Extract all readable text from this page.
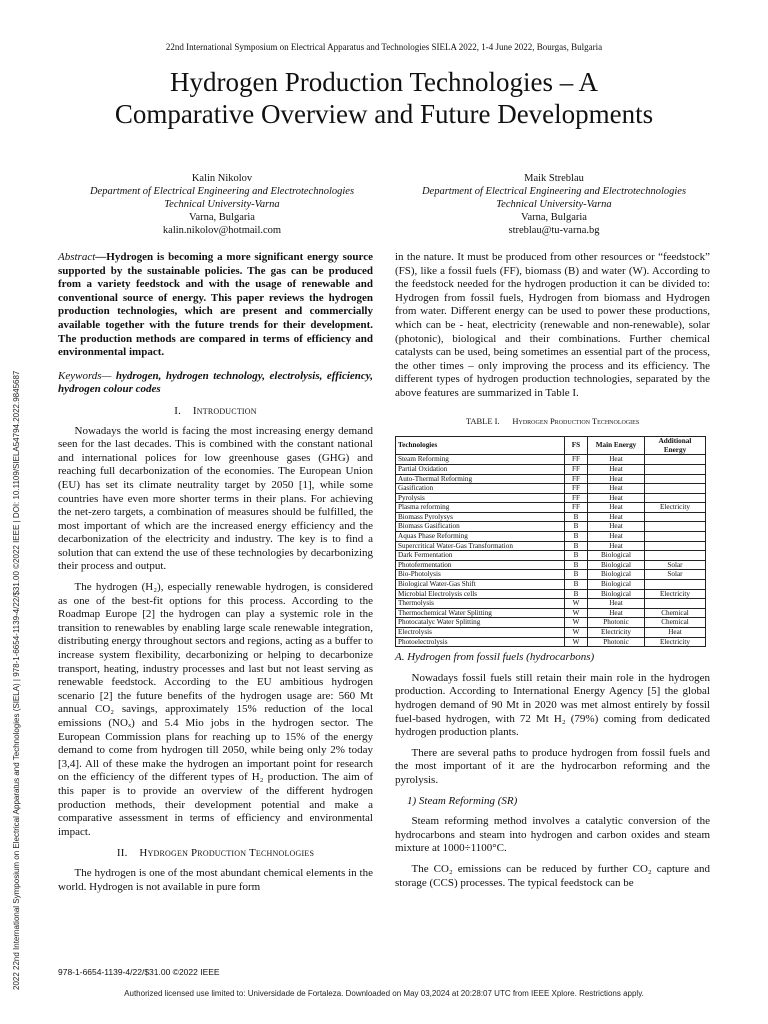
22nd International Symposium on Electrical Apparatus and Technologies SIELA 2022, 1-4 June 2022, Bourgas, Bulgaria
Hydrogen Production Technologies – A
Comparative Overview and Future Developments
Kalin Nikolov
Department of Electrical Engineering and Electrotechnologies
Technical University-Varna
Varna, Bulgaria
kalin.nikolov@hotmail.com
Maik Streblau
Department of Electrical Engineering and Electrotechnologies
Technical University-Varna
Varna, Bulgaria
streblau@tu-varna.bg
2022 22nd International Symposium on Electrical Apparatus and Technologies (SIELA) | 978-1-6654-1139-4/22/$31.00 ©2022 IEEE | DOI: 10.1109/SIELA54794.2022.9845687

Abstract—Hydrogen is becoming a more significant energy source supported by the sustainable policies. The gas can be produced from a variety feedstock and with the usage of renewable and conventional source of energy. This paper reviews the hydrogen production technologies, which are present and commercially available together with the future trends for their development. The production methods are compared in terms of efficiency and environmental impact.

Keywords— hydrogen, hydrogen technology, electrolysis, efficiency, hydrogen colour codes

I. Introduction

Nowadays the world is facing the most increasing energy demand seen for the last decades. This is combined with the constant national and international polices for low greenhouse gases (GHG) and reaching full decarbonization of the economies. The European Union (EU) has set its climate neutrality target by 2050 [1], while some countries have even more shorter terms in their plans. For achieving the net-zero targets, a combination of measures should be fulfilled, the most important of which are the increased energy efficiency and the decarbonization of the electricity and industry. The key is to find a solution that can extend the use of these technologies by decarbonizing their process and output.

The hydrogen (H₂), especially renewable hydrogen, is considered as one of the best-fit options for this process. According to the Roadmap Europe [2] the hydrogen can play a systemic role in the transition to renewables by enabling large scale renewable integration, distributing energy throughout sectors and regions, acting as a buffer to increase system flexibility, decarbonizing or helping to decarbonize transport, heating, industry processes and last but not least serving as renewable feedstock. According to the EU ambitious hydrogen scenario [2] the future benefits of the hydrogen usage are: 560 Mt annual CO₂ savings, approximately 15% reduction of the local emissions (NOₓ) and 5.4 Mio jobs in the hydrogen sector. The European Commission plans for reaching up to 15% of the energy demand to come from hydrogen till 2050, while being only 2% today [3,4]. All of these make the hydrogen an important point for research on the efficiency of the different types of H₂ production. The aim of this paper is to provide an overview of the different hydrogen production methods, their development potential and make a comparative assessment in terms of efficiency and environmental impact.

II. Hydrogen Production Technologies

The hydrogen is one of the most abundant chemical elements in the world. Hydrogen is not available in pure form

in the nature. It must be produced from other resources or “feedstock” (FS), like a fossil fuels (FF), biomass (B) and water (W). According to the feedstock needed for the hydrogen production it can be divided to: Hydrogen from fossil fuels, Hydrogen from biomass and Hydrogen from water. Different energy can be used to power these productions, which can be - heat, electricity (renewable and non-renewable), solar (photonic), biological and their combinations. Further chemical catalysts can be used, being sometimes an essential part of the process, the other times – only improving the process and its efficiency. The different types of hydrogen production technologies, separated by the above features are summarized in Table I.

TABLE I. Hydrogen Production Technologies
Technologies	FS	Main Energy	Additional Energy
Steam Reforming	FF	Heat	
Partial Oxidation	FF	Heat	
Auto-Thermal Reforming	FF	Heat	
Gasification	FF	Heat	
Pyrolysis	FF	Heat	
Plasma reforming	FF	Heat	Electricity
Biomass Pyrolysys	B	Heat	
Biomass Gasification	B	Heat	
Aquas Phase Reforming	B	Heat	
Supercritical Water-Gas Transformation	B	Heat	
Dark Fermentation	B	Biological	
Photofermentation	B	Biological	Solar
Bio-Photolysis	B	Biological	Solar
Biological Water-Gas Shift	B	Biological	
Microbial Electrolysis cells	B	Biological	Electricity
Thermolysis	W	Heat	
Thermochemical Water Splitting	W	Heat	Chemical
Photocatalyc Water Splitting	W	Photonic	Chemical
Electrolysis	W	Electricity	Heat
Photoelectrolysis	W	Photonic	Electricity

A. Hydrogen from fossil fuels (hydrocarbons)

Nowadays fossil fuels still retain their main role in the hydrogen production. According to International Energy Agency [5] the global hydrogen demand of 90 Mt in 2020 was met almost entirely by fossil fuel-based hydrogen, with 72 Mt H₂ (79%) coming from dedicated hydrogen production plants.

There are several paths to produce hydrogen from fossil fuels and the most important of it are the hydrocarbon reforming and the pyrolysis.

1) Steam Reforming (SR)

Steam reforming method involves a catalytic conversion of the hydrocarbons and steam into hydrogen and carbon oxides and steam mixture at 1000÷1100°C.

The CO₂ emissions can be reduced by further CO₂ capture and storage (CCS) processes. The typical feedstock can be

978-1-6654-1139-4/22/$31.00 ©2022 IEEE
Authorized licensed use limited to: Universidade de Fortaleza. Downloaded on May 03,2024 at 20:28:07 UTC from IEEE Xplore. Restrictions apply.
